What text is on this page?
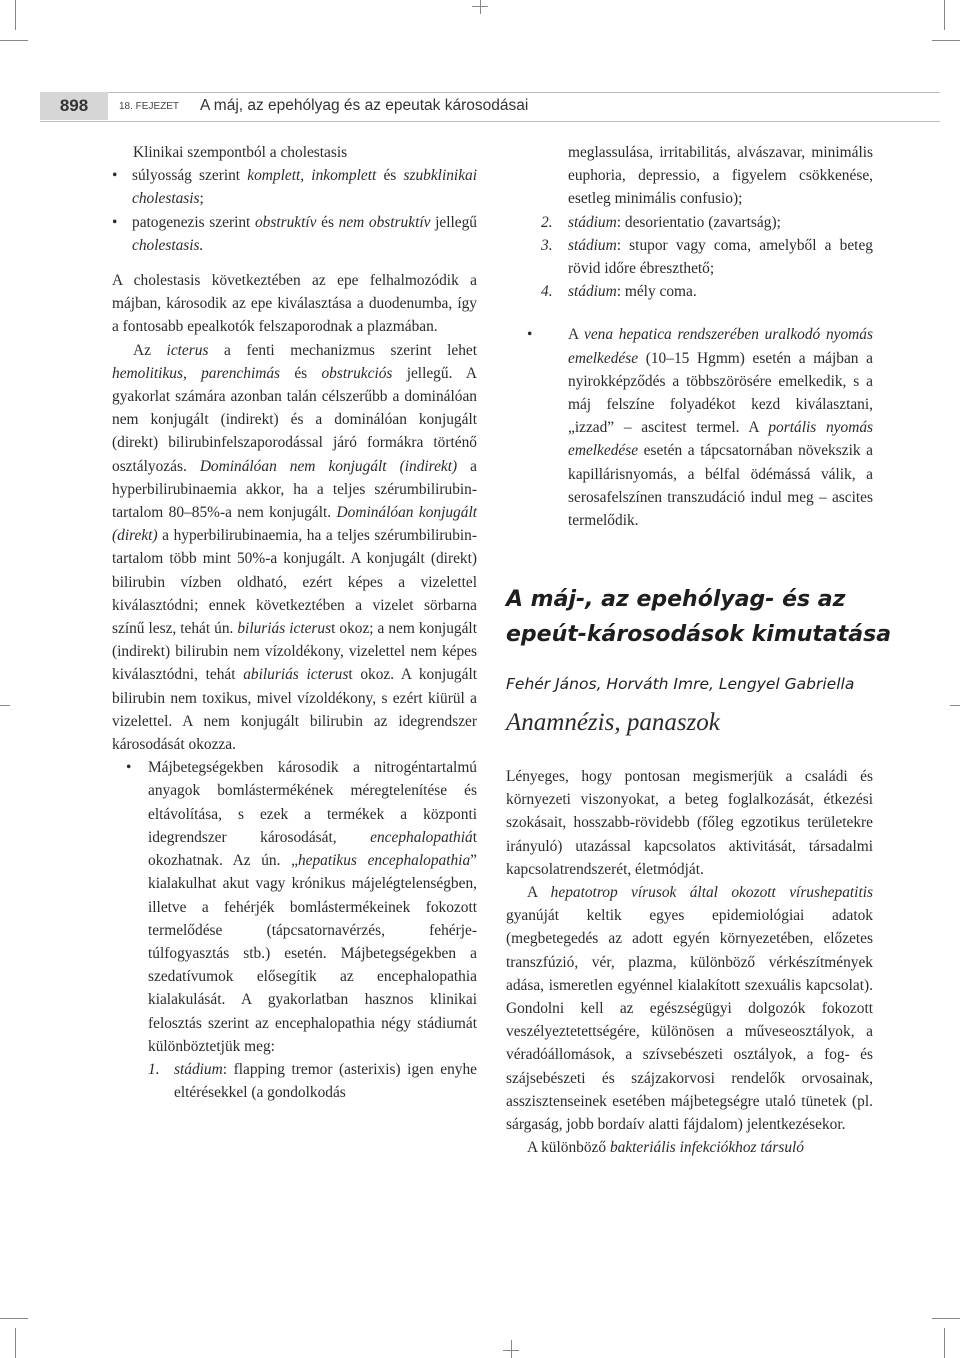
898	18. FEJEZET A máj, az epehólyag és az epeutak károsodásai

Klinikai szempontból a cholestasis

• súlyosság szerint komplett, inkomplett és szubklinikai cholestasis;
• patogenezis szerint obstruktív és nem obstruktív jellegű cholestasis.

A cholestasis következtében az epe felhalmozódik a májban, károsodik az epe kiválasztása a duodenumba, így a fontosabb epealkotók felszaporodnak a plazmában.

Az icterus a fenti mechanizmus szerint lehet hemolitikus, parenchimás és obstrukciós jellegű. A gyakorlat számára azonban talán célszerűbb a dominálóan nem konjugált (indirekt) és a dominálóan konjugált (direkt) bilirubinfelszaporodással járó formákra történő osztályozás. Dominálóan nem konjugált (indirekt) a hyperbilirubinaemia akkor, ha a teljes szérumbilirubin-tartalom 80–85%-a nem konjugált. Dominálóan konjugált (direkt) a hyperbilirubinaemia, ha a teljes szérumbilirubin-tartalom több mint 50%-a konjugált. A konjugált (direkt) bilirubin vízben oldható, ezért képes a vizelettel kiválasztódni; ennek következtében a vizelet sörbarna színű lesz, tehát ún. biluriás icterust okoz; a nem konjugált (indirekt) bilirubin nem vízoldékony, vizelettel nem képes kiválasztódni, tehát abiluriás icterust okoz. A konjugált bilirubin nem toxikus, mivel vízoldékony, s ezért kiürül a vizelettel. A nem konjugált bilirubin az idegrendszer károsodását okozza.

• Májbetegségekben károsodik a nitrogéntartalmú anyagok bomlástermékének méregtelenítése és eltávolítása, s ezek a termékek a központi idegrendszer károsodását, encephalopathiát okozhatnak. Az ún. „hepatikus encephalopathia” kialakulhat akut vagy krónikus májelégtelenségben, illetve a fehérjék bomlástermékeinek fokozott termelődése (tápcsatornavérzés, fehérje-túlfogyasztás stb.) esetén. Májbetegségekben a szedatívumok elősegítik az encephalopathia kialakulását. A gyakorlatban hasznos klinikai felosztás szerint az encephalopathia négy stádiumát különböztetjük meg:
1. stádium: flapping tremor (asterixis) igen enyhe eltérésekkel (a gondolkodás

meglassulása, irritabilitás, alvászavar, minimális euphoria, depressio, a figyelem csökkenése, esetleg minimális confusio);

2. stádium: desorientatio (zavartság);
3. stádium: stupor vagy coma, amelyből a beteg rövid időre ébreszthető;
4. stádium: mély coma.
• A vena hepatica rendszerében uralkodó nyomás emelkedése (10–15 Hgmm) esetén a májban a nyirokképződés a többszörösére emelkedik, s a máj felszíne folyadékot kezd kiválasztani, „izzad” – ascitest termel. A portális nyomás emelkedése esetén a tápcsatornában növekszik a kapillárisnyomás, a bélfal ödémássá válik, a serosafelszínen transzudáció indul meg – ascites termelődik.
A máj-, az epehólyag- és az epeút-károsodások kimutatása
Fehér János, Horváth Imre, Lengyel Gabriella
Anamnézis, panaszok

Lényeges, hogy pontosan megismerjük a családi és környezeti viszonyokat, a beteg foglalkozását, étkezési szokásait, hosszabb-rövidebb (főleg egzotikus területekre irányuló) utazással kapcsolatos aktivitását, társadalmi kapcsolatrendszerét, életmódját.

A hepatotrop vírusok által okozott vírushepatitis gyanúját keltik egyes epidemiológiai adatok (megbetegedés az adott egyén környezetében, előzetes transzfúzió, vér, plazma, különböző vérkészítmények adása, ismeretlen egyénnel kialakított szexuális kapcsolat). Gondolni kell az egészségügyi dolgozók fokozott veszélyeztetettségére, különösen a műveseosztályok, a véradóállomások, a szívsebészeti osztályok, a fog- és szájsebészeti és szájzakorvosi rendelők orvosainak, asszisztenseinek esetében májbetegségre utaló tünetek (pl. sárgaság, jobb bordaív alatti fájdalom) jelentkezésekor.

A különböző bakteriális infekciókhoz társuló
